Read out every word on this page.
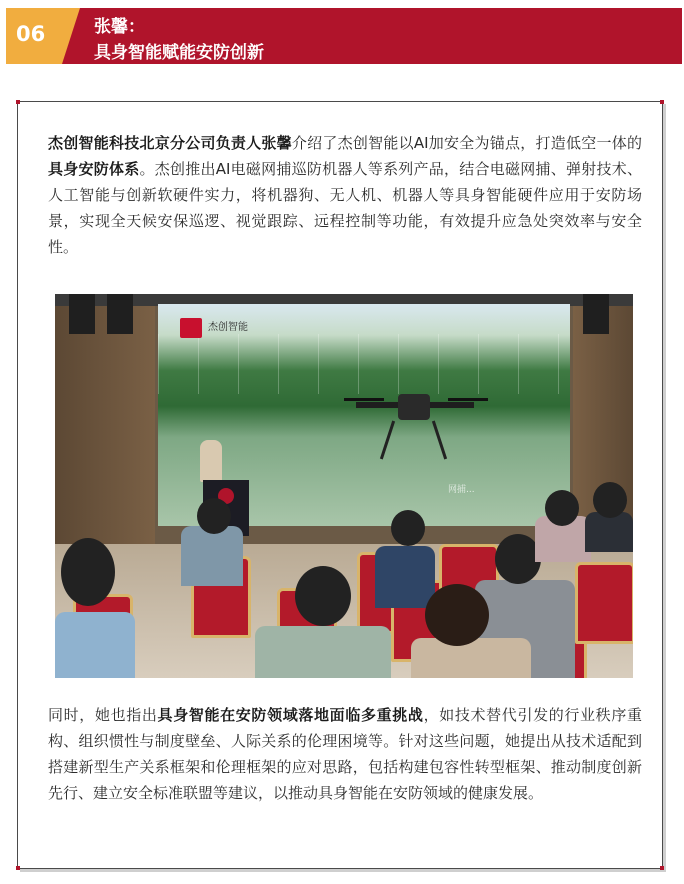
06	张馨：
具身智能赋能安防创新

杰创智能科技北京分公司负责人张馨介绍了杰创智能以AI加安全为锚点，打造低空一体的具身安防体系。杰创推出AI电磁网捕巡防机器人等系列产品，结合电磁网捕、弹射技术、人工智能与创新软硬件实力，将机器狗、无人机、机器人等具身智能硬件应用于安防场景，实现全天候安保巡逻、视觉跟踪、远程控制等功能，有效提升应急处突效率与安全性。

杰创智能
网捕...

同时，她也指出具身智能在安防领域落地面临多重挑战，如技术替代引发的行业秩序重构、组织惯性与制度壁垒、人际关系的伦理困境等。针对这些问题，她提出从技术适配到搭建新型生产关系框架和伦理框架的应对思路，包括构建包容性转型框架、推动制度创新先行、建立安全标准联盟等建议，以推动具身智能在安防领域的健康发展。
